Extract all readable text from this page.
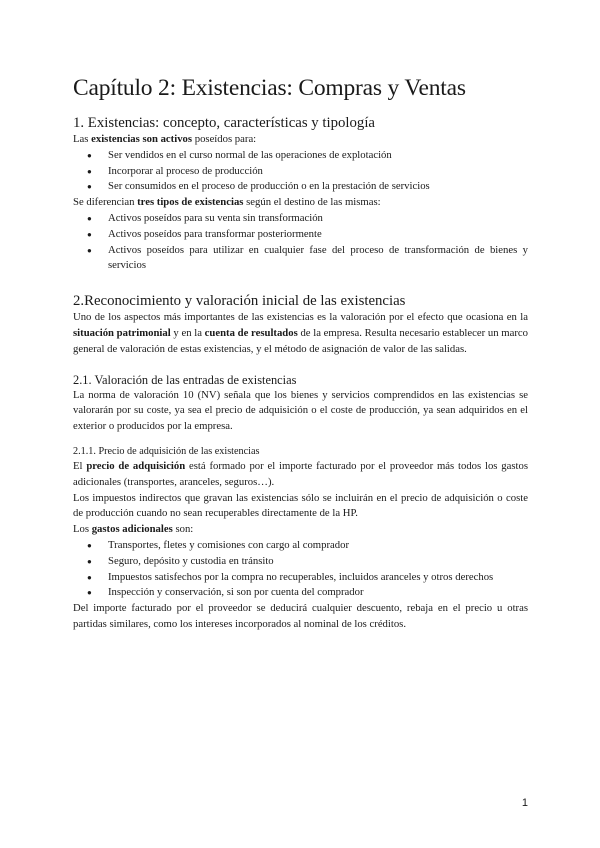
Capítulo 2: Existencias: Compras y Ventas
1. Existencias: concepto, características y tipología

Las existencias son activos poseídos para:

● Ser vendidos en el curso normal de las operaciones de explotación
● Incorporar al proceso de producción
● Ser consumidos en el proceso de producción o en la prestación de servicios

Se diferencian tres tipos de existencias según el destino de las mismas:

● Activos poseídos para su venta sin transformación
● Activos poseídos para transformar posteriormente
● Activos poseídos para utilizar en cualquier fase del proceso de transformación de bienes y servicios
2.Reconocimiento y valoración inicial de las existencias

Uno de los aspectos más importantes de las existencias es la valoración por el efecto que ocasiona en la situación patrimonial y en la cuenta de resultados de la empresa. Resulta necesario establecer un marco general de valoración de estas existencias, y el método de asignación de valor de las salidas.

2.1. Valoración de las entradas de existencias

La norma de valoración 10 (NV) señala que los bienes y servicios comprendidos en las existencias se valorarán por su coste, ya sea el precio de adquisición o el coste de producción, ya sean adquiridos en el exterior o producidos por la empresa.

2.1.1. Precio de adquisición de las existencias

El precio de adquisición está formado por el importe facturado por el proveedor más todos los gastos adicionales (transportes, aranceles, seguros…).

Los impuestos indirectos que gravan las existencias sólo se incluirán en el precio de adquisición o coste de producción cuando no sean recuperables directamente de la HP.

Los gastos adicionales son:

● Transportes, fletes y comisiones con cargo al comprador
● Seguro, depósito y custodia en tránsito
● Impuestos satisfechos por la compra no recuperables, incluidos aranceles y otros derechos
● Inspección y conservación, si son por cuenta del comprador

Del importe facturado por el proveedor se deducirá cualquier descuento, rebaja en el precio u otras partidas similares, como los intereses incorporados al nominal de los créditos.

1
